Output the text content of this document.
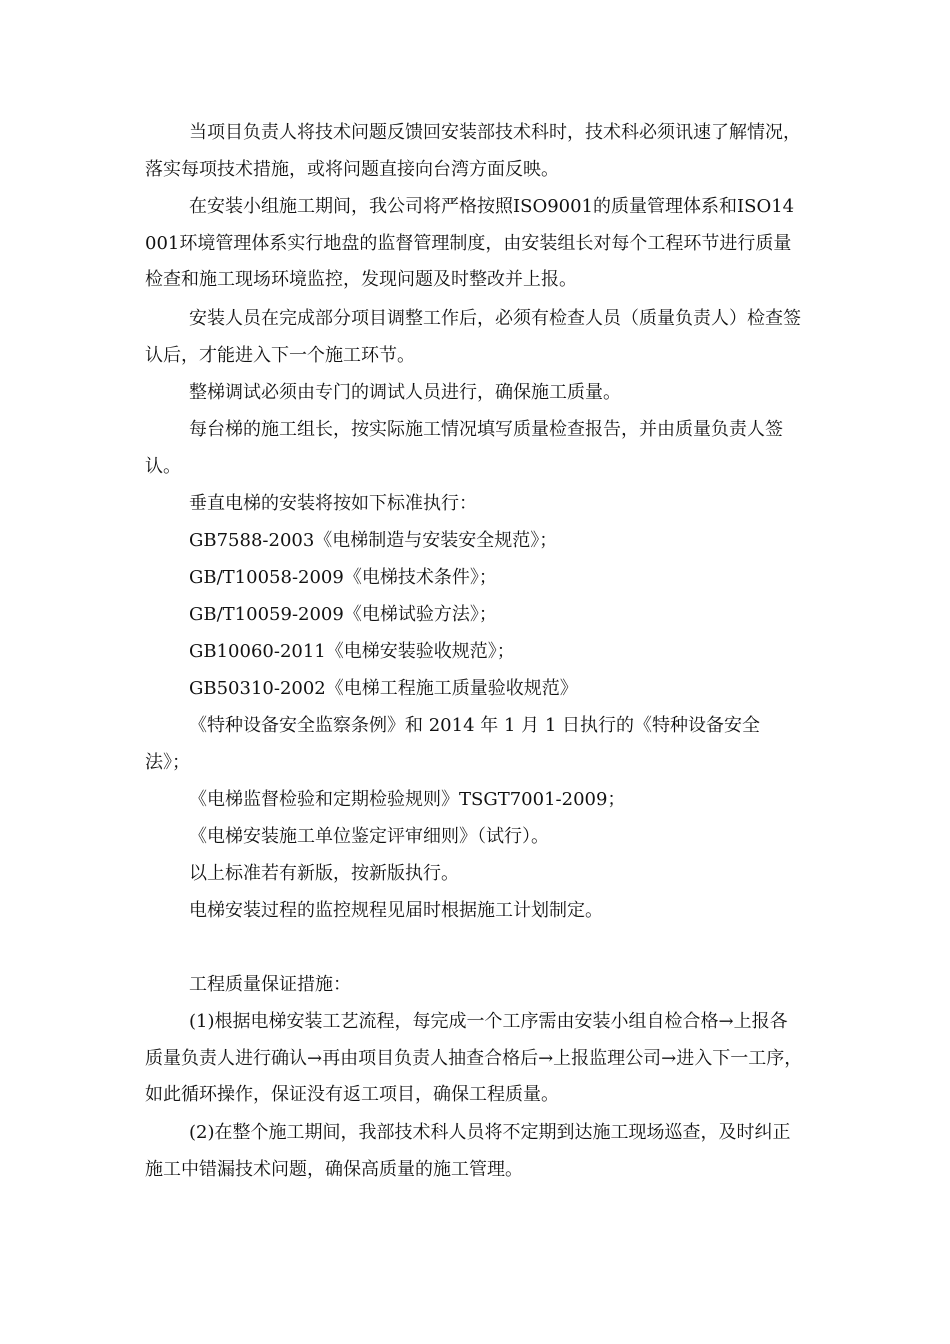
当项目负责人将技术问题反馈回安装部技术科时，技术科必须讯速了解情况，落实每项技术措施，或将问题直接向台湾方面反映。

在安装小组施工期间，我公司将严格按照ISO9001的质量管理体系和ISO14001环境管理体系实行地盘的监督管理制度，由安装组长对每个工程环节进行质量检查和施工现场环境监控，发现问题及时整改并上报。

安装人员在完成部分项目调整工作后，必须有检查人员（质量负责人）检查签认后，才能进入下一个施工环节。

整梯调试必须由专门的调试人员进行，确保施工质量。

每台梯的施工组长，按实际施工情况填写质量检查报告，并由质量负责人签认。

垂直电梯的安装将按如下标准执行：

GB7588-2003《电梯制造与安装安全规范》；

GB/T10058-2009《电梯技术条件》；

GB/T10059-2009《电梯试验方法》；

GB10060-2011《电梯安装验收规范》；

GB50310-2002《电梯工程施工质量验收规范》

《特种设备安全监察条例》和 2014 年 1 月 1 日执行的《特种设备安全法》；

《电梯监督检验和定期检验规则》TSGT7001-2009；

《电梯安装施工单位鉴定评审细则》（试行）。

以上标准若有新版，按新版执行。

电梯安装过程的监控规程见届时根据施工计划制定。

工程质量保证措施：

(1)根据电梯安装工艺流程，每完成一个工序需由安装小组自检合格→上报各质量负责人进行确认→再由项目负责人抽查合格后→上报监理公司→进入下一工序，如此循环操作，保证没有返工项目，确保工程质量。

(2)在整个施工期间，我部技术科人员将不定期到达施工现场巡查，及时纠正施工中错漏技术问题，确保高质量的施工管理。
